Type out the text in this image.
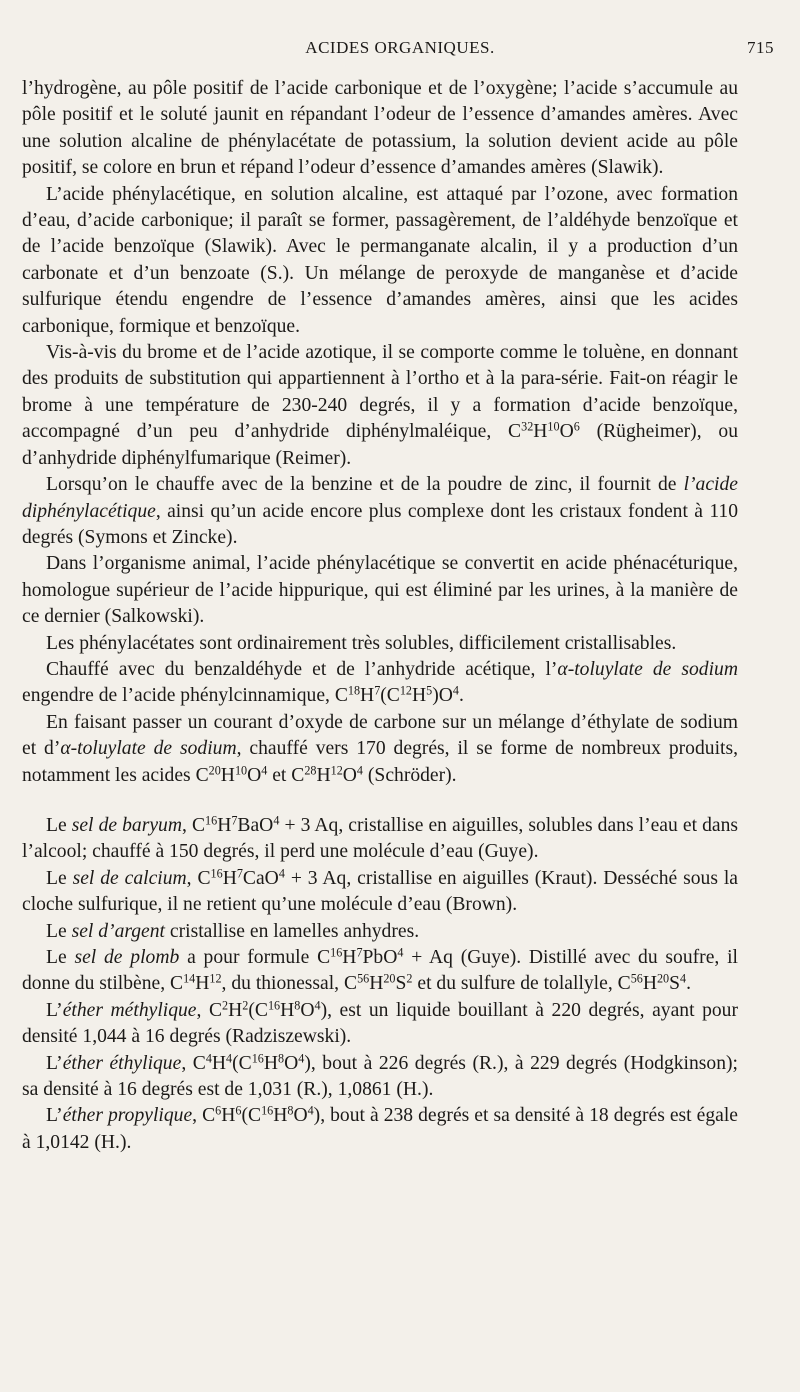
ACIDES ORGANIQUES.	715

l’hydrogène, au pôle positif de l’acide carbonique et de l’oxygène; l’acide s’accumule au pôle positif et le soluté jaunit en répandant l’odeur de l’essence d’amandes amères. Avec une solution alcaline de phénylacétate de potassium, la solution devient acide au pôle positif, se colore en brun et répand l’odeur d’essence d’amandes amères (Slawik).

L’acide phénylacétique, en solution alcaline, est attaqué par l’ozone, avec formation d’eau, d’acide carbonique; il paraît se former, passagèrement, de l’aldéhyde benzoïque et de l’acide benzoïque (Slawik). Avec le permanganate alcalin, il y a production d’un carbonate et d’un benzoate (S.). Un mélange de peroxyde de manganèse et d’acide sulfurique étendu engendre de l’essence d’amandes amères, ainsi que les acides carbonique, formique et benzoïque.

Vis-à-vis du brome et de l’acide azotique, il se comporte comme le toluène, en donnant des produits de substitution qui appartiennent à l’ortho et à la para-série. Fait-on réagir le brome à une température de 230-240 degrés, il y a formation d’acide benzoïque, accompagné d’un peu d’anhydride diphénylmaléique, $C^{32}H^{10}O^6$ (Rügheimer), ou d’anhydride diphénylfumarique (Reimer).

Lorsqu’on le chauffe avec de la benzine et de la poudre de zinc, il fournit de l’acide diphénylacétique, ainsi qu’un acide encore plus complexe dont les cristaux fondent à 110 degrés (Symons et Zincke).

Dans l’organisme animal, l’acide phénylacétique se convertit en acide phénacéturique, homologue supérieur de l’acide hippurique, qui est éliminé par les urines, à la manière de ce dernier (Salkowski).

Les phénylacétates sont ordinairement très solubles, difficilement cristallisables.

Chauffé avec du benzaldéhyde et de l’anhydride acétique, l’α-toluylate de sodium engendre de l’acide phénylcinnamique, $C^{18}H^7(C^{12}H^5)O^4$.

En faisant passer un courant d’oxyde de carbone sur un mélange d’éthylate de sodium et d’α-toluylate de sodium, chauffé vers 170 degrés, il se forme de nombreux produits, notamment les acides $C^{20}H^{10}O^4$ et $C^{28}H^{12}O^4$ (Schröder).

Le sel de baryum, $C^{16}H^7BaO^4 + 3$ Aq, cristallise en aiguilles, solubles dans l’eau et dans l’alcool; chauffé à 150 degrés, il perd une molécule d’eau (Guye).

Le sel de calcium, $C^{16}H^7CaO^4 + 3$ Aq, cristallise en aiguilles (Kraut). Desséché sous la cloche sulfurique, il ne retient qu’une molécule d’eau (Brown).

Le sel d’argent cristallise en lamelles anhydres.

Le sel de plomb a pour formule $C^{16}H^7PbO^4 + Aq$ (Guye). Distillé avec du soufre, il donne du stilbène, $C^{14}H^{12}$, du thionessal, $C^{56}H^{20}S^2$ et du sulfure de tolallyle, $C^{56}H^{20}S^4$.

L’éther méthylique, $C^2H^2(C^{16}H^8O^4)$, est un liquide bouillant à 220 degrés, ayant pour densité 1,044 à 16 degrés (Radziszewski).

L’éther éthylique, $C^4H^4(C^{16}H^8O^4)$, bout à 226 degrés (R.), à 229 degrés (Hodgkinson); sa densité à 16 degrés est de 1,031 (R.), 1,0861 (H.).

L’éther propylique, $C^6H^6(C^{16}H^8O^4)$, bout à 238 degrés et sa densité à 18 degrés est égale à 1,0142 (H.).
